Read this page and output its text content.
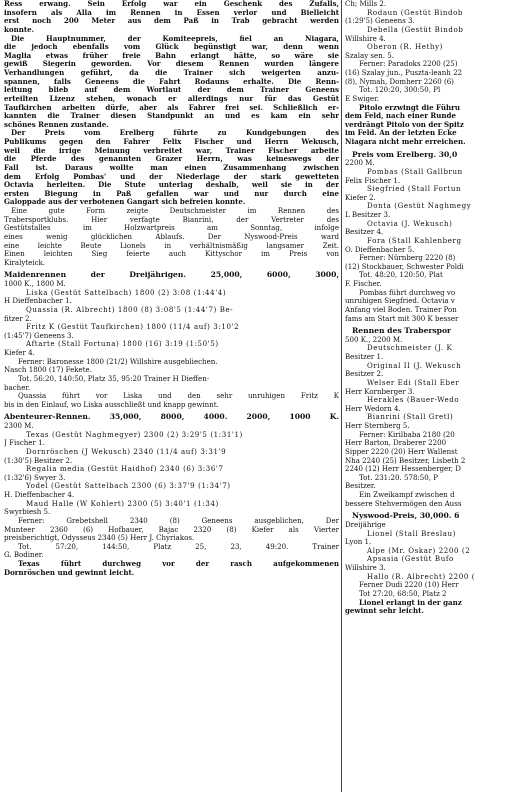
Ress erwang. Sein Erfolg war ein Geschenk des Zufalls,
insofern als Alla im Rennen in Essen verlor und Bielleicht
erst noch 200 Meter aus dem Paß in Trab gebracht werden
konnte.
Die Hauptnummer, der Komiteepreis, fiel an Niagara,
die jedoch ebenfalls vom Glück begünstigt war, denn wenn
Maglia etwas früher freie Bahn erlangt hätte, so wäre sie
gewiß Siegerin geworden. Vor diesem Rennen wurden längere
Verhandlungen geführt, da die Trainer sich weigerten anzu-
spannen, falls Geneens die Fahrt Rodauns erhalte. Die Renn-
leitung blieb auf dem Wortlaut der dem Trainer Geneens
erteilten Lizenz stehen, wonach er allerdings nur für das Gestüt
Taufkirchen arbeiten dürfe, aber als Fahrer frei sei. Schließlich er-
kannten die Trainer diesen Standpunkt an und es kam ein sehr
schönes Rennen zustande.
Der Preis vom Erelberg führte zu Kundgebungen des
Publikums gegen den Fahrer Felix Fischer und Herrn Wekusch,
weil die irrige Meinung verbreitet war, Trainer Fischer arbeite
die Pferde des genannten Grazer Herrn, was keineswegs der
Fall ist. Daraus wollte man einen Zusammenhang zwischen
dem Erfolg Pombas' und der Niederlage der stark gewetteten
Octavia herleiten. Die Stute unterlag deshalb, weil sie in der
ersten Biegung in Paß gefallen war und nur durch eine
Galoppade aus der verbotenen Gangart sich befreien konnte.
Eine gute Form zeigte Deutschmeister im Rennen des
Trabersportklubs. Hier verfagte Bianrini, der Vertreter des
Gestütstalles im Holzwartpreis am Sonntag, infolge
eines wenig glücklichen Ablaufs. Der Nyswood-Preis ward
eine leichte Beute Lionels in verhältnismäßig langsamer Zeit.
Einen leichten Sieg feierte auch Kittyschor im Preis von
Kiralyteick.
Maidenrennen der Dreijährigen. 25,000, 6000, 3000,
1000 K., 1800 M.
Liska (Gestüt Sattelbach) 1800 (2) 3:08 (1:44'4)
H Dieffenbacher 1.
Quassia (R. Albrecht) 1800 (8) 3:08'5 (1:44'7) Be-
fitzer 2.
Fritz K (Gestüt Taufkirchen) 1800 (11/4 auf) 3:10'2
(1:45'7) Geneens 3.
Aftarte (Stall Fortuna) 1800 (16) 3:19 (1:50'5)
Kiefer 4.
Ferner: Baronesse 1800 (21/2) Willshire ausgebliechen.
Nasch 1800 (17) Fekete.
Tot. 56:20, 140:50, Platz 35, 95:20 Trainer H Dieffen-
bacher.
Quassia führt vor Liska und den sehr unruhigen Fritz K
bis in den Einlauf, wo Liska ausschließt und knapp gewinnt.
Abenteurer-Rennen. 35,000, 8000, 4000. 2000, 1000 K.
2300 M.
Texas (Gestüt Naghmegyer) 2300 (2) 3:29'5 (1:31'1)
J Fischer 1.
Dornröschen (J Wekusch) 2340 (11/4 auf) 3:31'9
(1:30'5) Besitzer 2.
Regalia media (Gestüt Haidhof) 2340 (6) 3:36'7
(1:32'6) Swyer 3.
Yodel (Gestüt Sattelbach 2300 (6) 3:37'9 (1:34'7)
H. Dieffenbacher 4.
Maud Halle (W Kohlert) 2300 (5) 3:40'1 (1:34)
Swyrbiesh 5.
Ferner: Grebetshell 2340 (8) Geneens ausgeblichen, Der
Munteer 2360 (6) Hofbauer, Bajac 2320 (8) Kiefer als Vierter
preisberichtigt, Odysseus 2340 (5) Herr J. Chyriakos.
Tot. 57:20, 144:50, Platz 25, 23, 49:20. Trainer
G. Bodiner.
Texas führt durchweg vor der rasch aufgekommenen
Dornröschen und gewinnt leicht.
Ch; Mills 2.
Rodaun (Gestüt Bindob
(1:29'5) Geneens 3.
Debella (Gestüt Bindob
Willshire 4.
Oberon (R. Hethy)
Szalay sen. 5.
Ferner: Paradoks 2200 (25)
(16) Szalay jun., Puszta-leanh 22
(8), Nymah, Domherr 2260 (6)
Tot. 120:20, 300:50, Pl
E Swiger.
Pitolo erzwingt die Führu
dem Feld, nach einer Runde
verdrängt Pitolo von der Spitz
im Feld. An der letzten Ecke
Niagara nicht mehr erreichen.
Preis vom Erelberg. 30,0
2200 M.
Pombas (Stall Gallbrun
Felix Fischer 1.
Siegfried (Stall Fortun
Kiefer 2.
Donta (Gestüt Naghmegy
L Besitzer 3.
Octavia (J. Wekusch)
Besitzer 4.
Fora (Stall Kahlenberg
O. Dieffenbacher 5.
Ferner: Nürnberg 2220 (8)
(12) Stockbauer, Schwester Poldi
Tot. 48:20, 120:50, Plat
F. Fischer.
Pombas führt durchweg vo
unruhigen Siegfried. Octavia v
Anfang viel Boden. Trainer Pon
fams am Start mit 300 K besser
Rennen des Traberspor
500 K., 2200 M.
Deutschmeister (J. K
Besitzer 1.
Original II (J. Wekusch
Besitzer 2.
Welser Edi (Stall Eber
Herr Kornberger 3.
Herakles (Bauer-Wedo
Herr Wedorn 4.
Bianrini (Stall Gretl)
Herr Sternberg 5.
Ferner: Kirilbaba 2180 (20
Herr Barton, Draberer 2200
Sipper 2220 (20) Herr Wallenst
Nha 2240 (25) Besitzer, Lisbeth 2
2240 (12) Herr Hessenberger, D
Tot. 231:20. 578:50, P
Besitzer.
Ein Zweikampf zwischen d
bessere Stehvermögen den Auss
Nyswood-Preis, 30,000. 6
Dreijährige
Lionel (Stall Breslau)
Lyon 1.
Alpe (Mr. Oskar) 2200 (2
Apsasia (Gestüt Bufo
Willshire 3.
Hallo (R. Albrecht) 2200 (
Ferner Dudi 2220 (10) Herr
Tot 27:20, 68:50, Platz 2
Lionel erlangt in der ganz
gewinnt sehr leicht.
